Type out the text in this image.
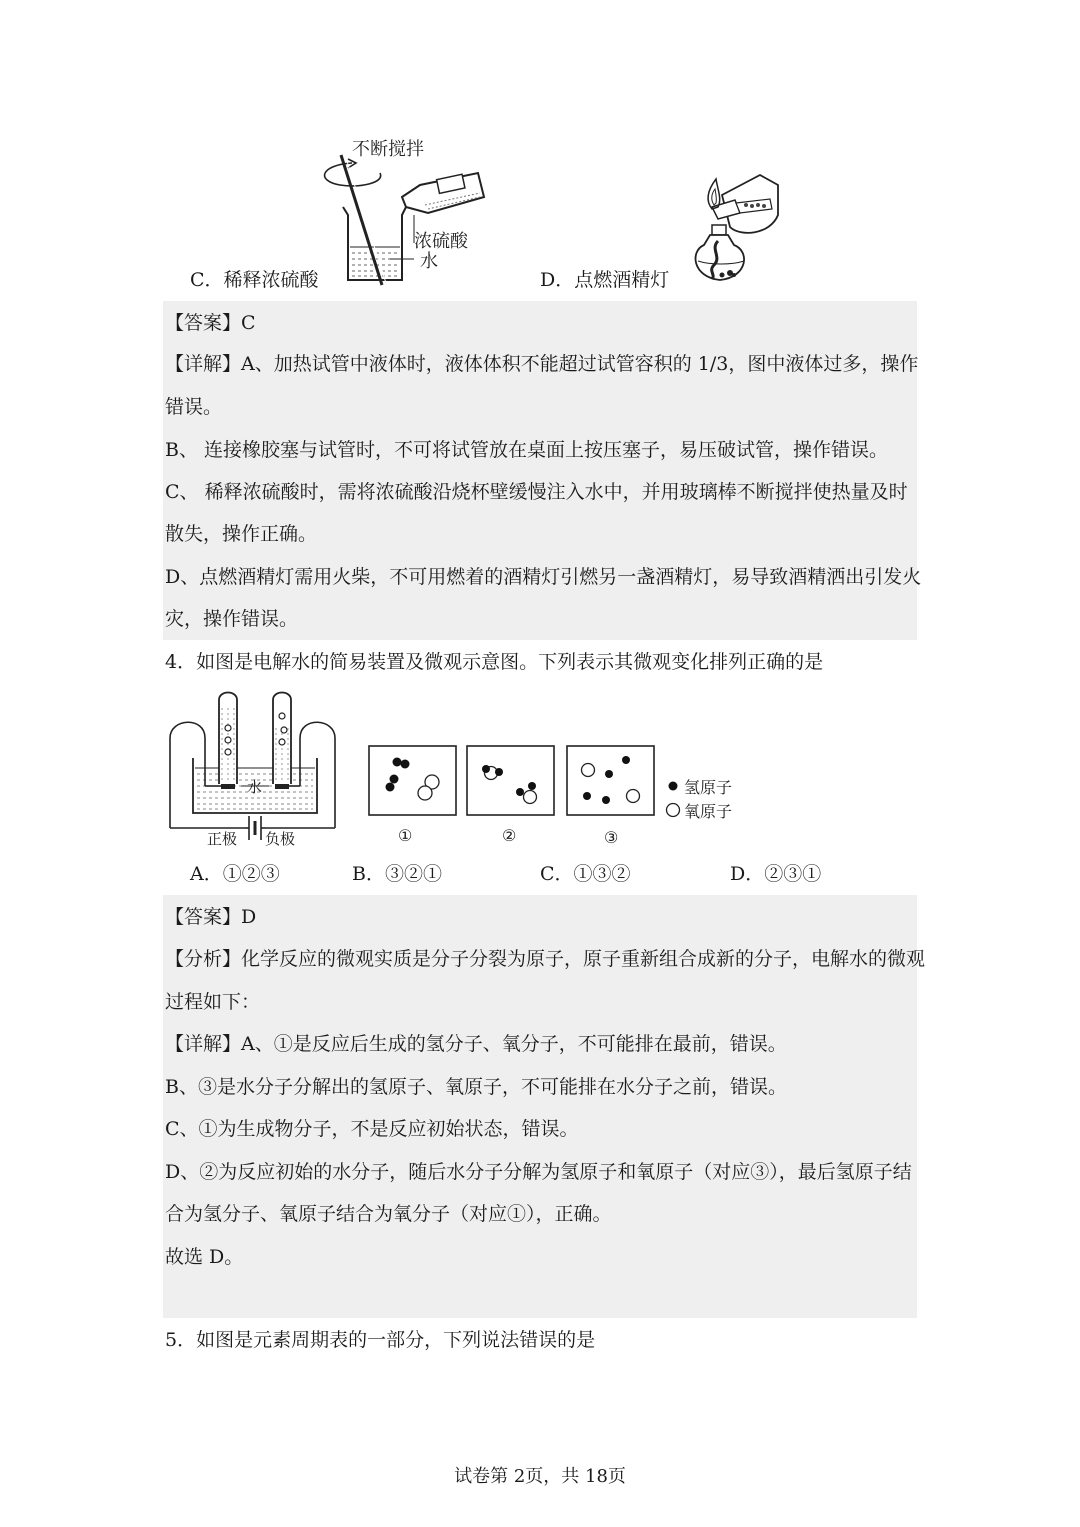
不断搅拌
浓硫酸
水
C．稀释浓硫酸	D．点燃酒精灯
【答案】C
【详解】A、加热试管中液体时，液体体积不能超过试管容积的 1/3，图中液体过多，操作
错误。
B、 连接橡胶塞与试管时，不可将试管放在桌面上按压塞子，易压破试管，操作错误。
C、 稀释浓硫酸时，需将浓硫酸沿烧杯壁缓慢注入水中，并用玻璃棒不断搅拌使热量及时
散失，操作正确。
D、点燃酒精灯需用火柴，不可用燃着的酒精灯引燃另一盏酒精灯，易导致酒精洒出引发火
灾，操作错误。
4．如图是电解水的简易装置及微观示意图。下列表示其微观变化排列正确的是
水
正极 负极	①	②	③
氢原子
氧原子
A．①②③	B．③②①	C．①③②	D．②③①
【答案】D
【分析】化学反应的微观实质是分子分裂为原子，原子重新组合成新的分子，电解水的微观
过程如下：
【详解】A、①是反应后生成的氢分子、氧分子，不可能排在最前，错误。
B、③是水分子分解出的氢原子、氧原子，不可能排在水分子之前，错误。
C、①为生成物分子，不是反应初始状态，错误。
D、②为反应初始的水分子，随后水分子分解为氢原子和氧原子（对应③），最后氢原子结
合为氢分子、氧原子结合为氧分子（对应①），正确。
故选 D。
5．如图是元素周期表的一部分，下列说法错误的是
试卷第 2页，共 18页
